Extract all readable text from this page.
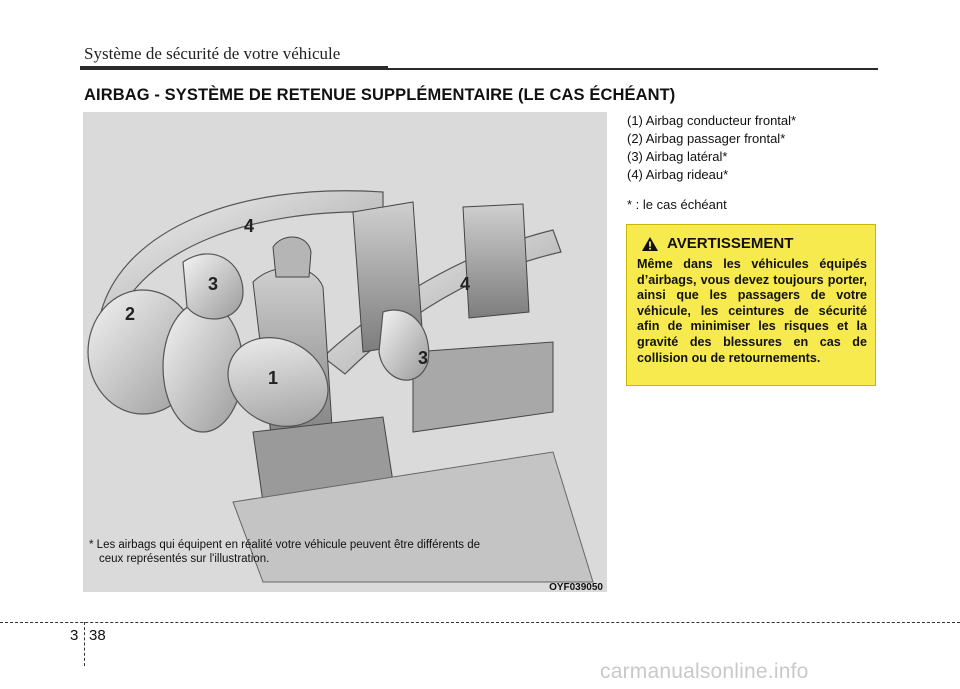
Système de sécurité de votre véhicule
AIRBAG - SYSTÈME DE RETENUE SUPPLÉMENTAIRE (LE CAS ÉCHÉANT)
1
2
3
4
3
4
* Les airbags qui équipent en réalité votre véhicule peuvent être différents de
ceux représentés sur l'illustration.
OYF039050
(1) Airbag conducteur frontal*
(2) Airbag passager frontal*
(3) Airbag latéral*
(4) Airbag rideau*
* : le cas échéant
AVERTISSEMENT
Même dans les véhicules équipés d’airbags, vous devez toujours porter, ainsi que les passagers de votre véhicule, les ceintures de sécurité afin de minimiser les risques et la gravité des blessures en cas de collision ou de retournements.
3 38
carmanualsonline.info
